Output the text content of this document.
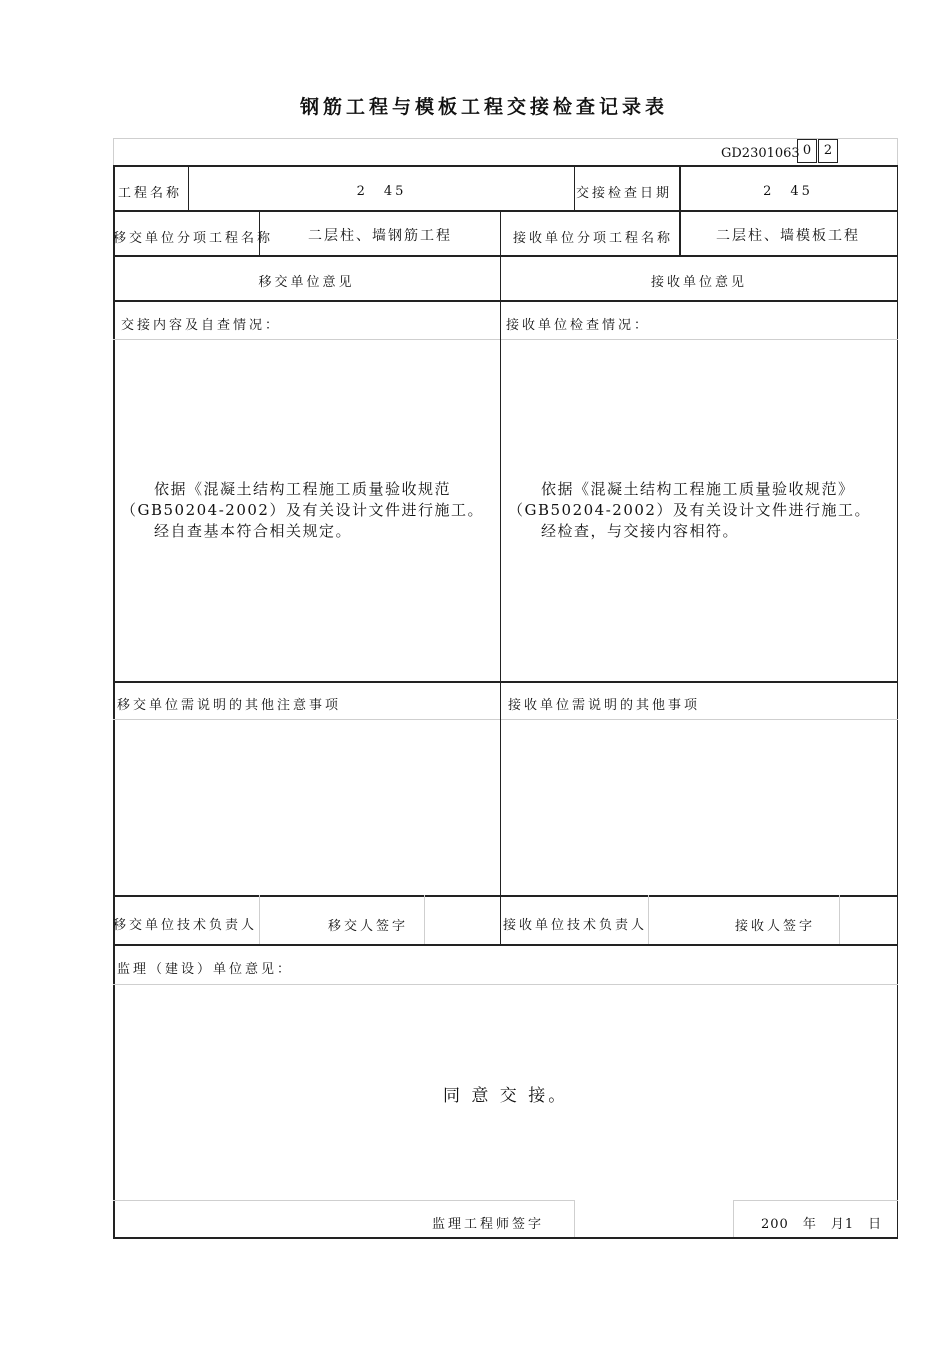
钢筋工程与模板工程交接检查记录表
GD2301063 0 2
工程名称	2　45	交接检查日期	2　45
移交单位分项工程名称	二层柱、墙钢筋工程	接收单位分项工程名称	二层柱、墙模板工程
移交单位意见	接收单位意见
交接内容及自查情况：	接收单位检查情况：
　　依据《混凝土结构工程施工质量验收规范
（GB50204-2002）及有关设计文件进行施工。
　　经自查基本符合相关规定。
　　依据《混凝土结构工程施工质量验收规范》
（GB50204-2002）及有关设计文件进行施工。
　　经检查，与交接内容相符。
移交单位需说明的其他注意事项	接收单位需说明的其他事项
移交单位技术负责人	移交人签字	接收单位技术负责人	接收人签字
监理（建设）单位意见：
同 意 交 接。
监理工程师签字	200　年　月1　日
